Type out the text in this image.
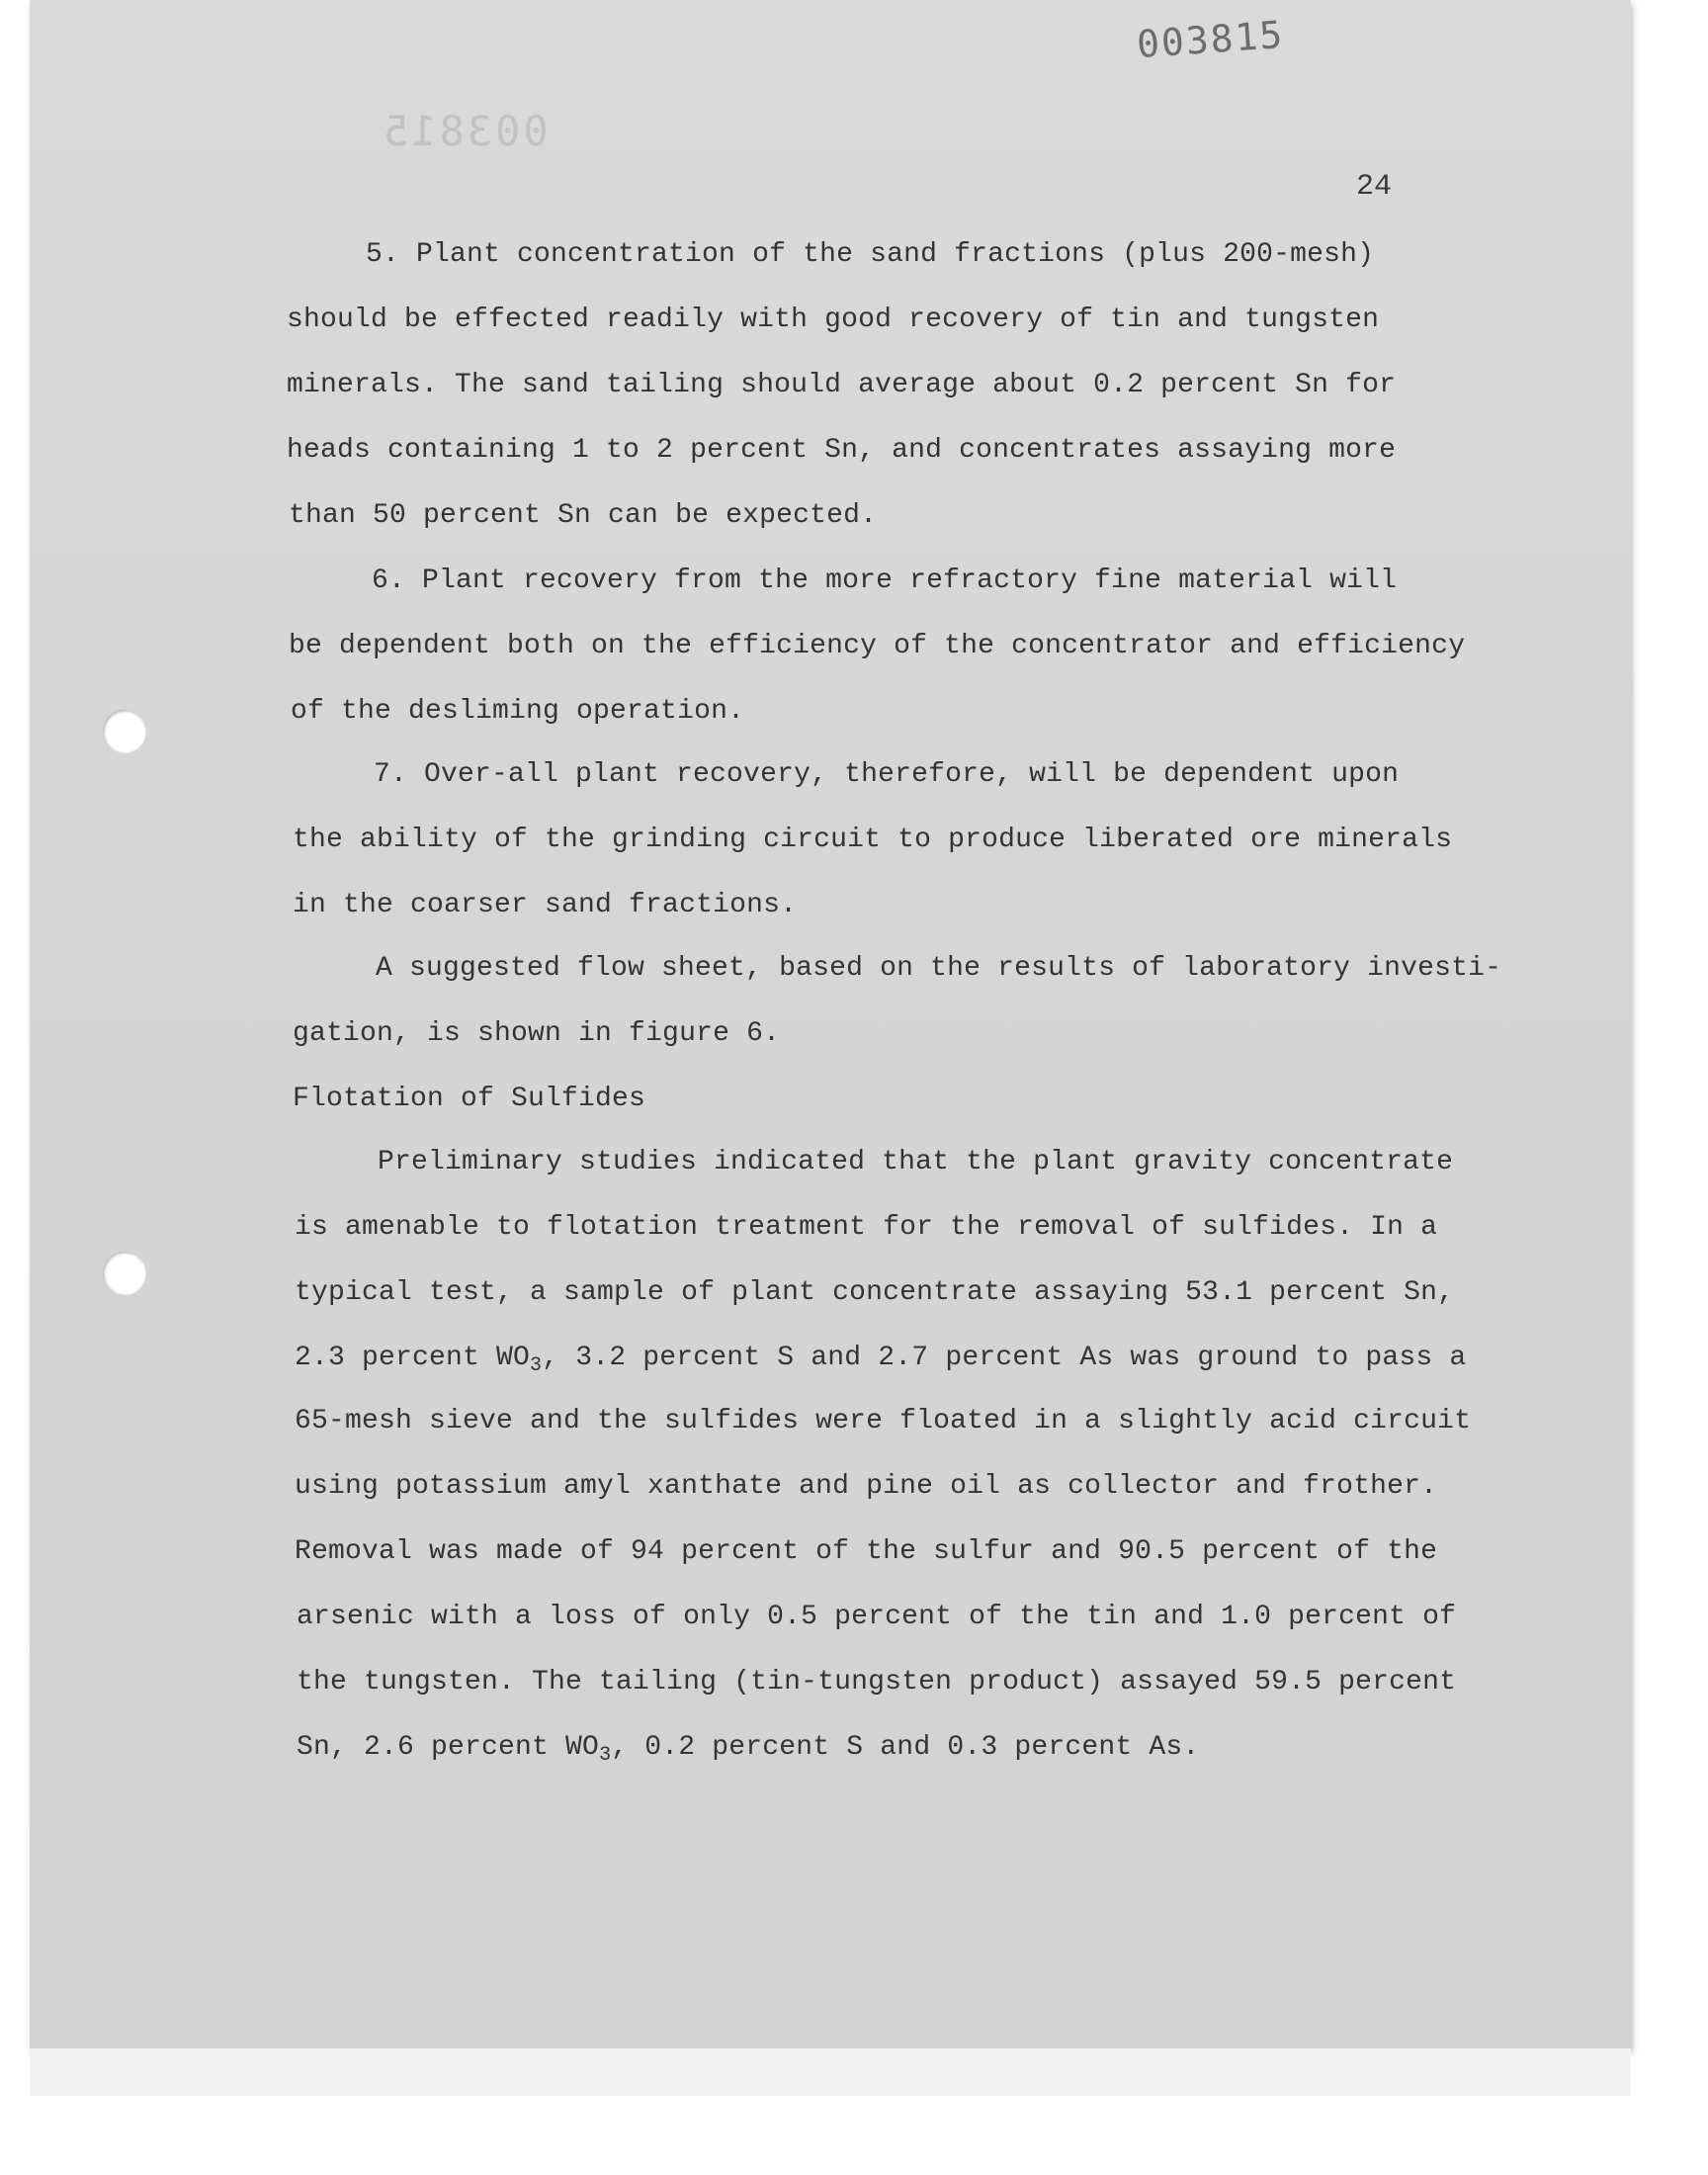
003815
003815
24
5. Plant concentration of the sand fractions (plus 200-mesh)
should be effected readily with good recovery of tin and tungsten
minerals. The sand tailing should average about 0.2 percent Sn for
heads containing 1 to 2 percent Sn, and concentrates assaying more
than 50 percent Sn can be expected.
6. Plant recovery from the more refractory fine material will
be dependent both on the efficiency of the concentrator and efficiency
of the desliming operation.
7. Over-all plant recovery, therefore, will be dependent upon
the ability of the grinding circuit to produce liberated ore minerals
in the coarser sand fractions.
A suggested flow sheet, based on the results of laboratory investi-
gation, is shown in figure 6.
Flotation of Sulfides
Preliminary studies indicated that the plant gravity concentrate
is amenable to flotation treatment for the removal of sulfides. In a
typical test, a sample of plant concentrate assaying 53.1 percent Sn,
2.3 percent $WO_3$, 3.2 percent S and 2.7 percent As was ground to pass a
65-mesh sieve and the sulfides were floated in a slightly acid circuit
using potassium amyl xanthate and pine oil as collector and frother.
Removal was made of 94 percent of the sulfur and 90.5 percent of the
arsenic with a loss of only 0.5 percent of the tin and 1.0 percent of
the tungsten. The tailing (tin-tungsten product) assayed 59.5 percent
Sn, 2.6 percent $WO_3$, 0.2 percent S and 0.3 percent As.
